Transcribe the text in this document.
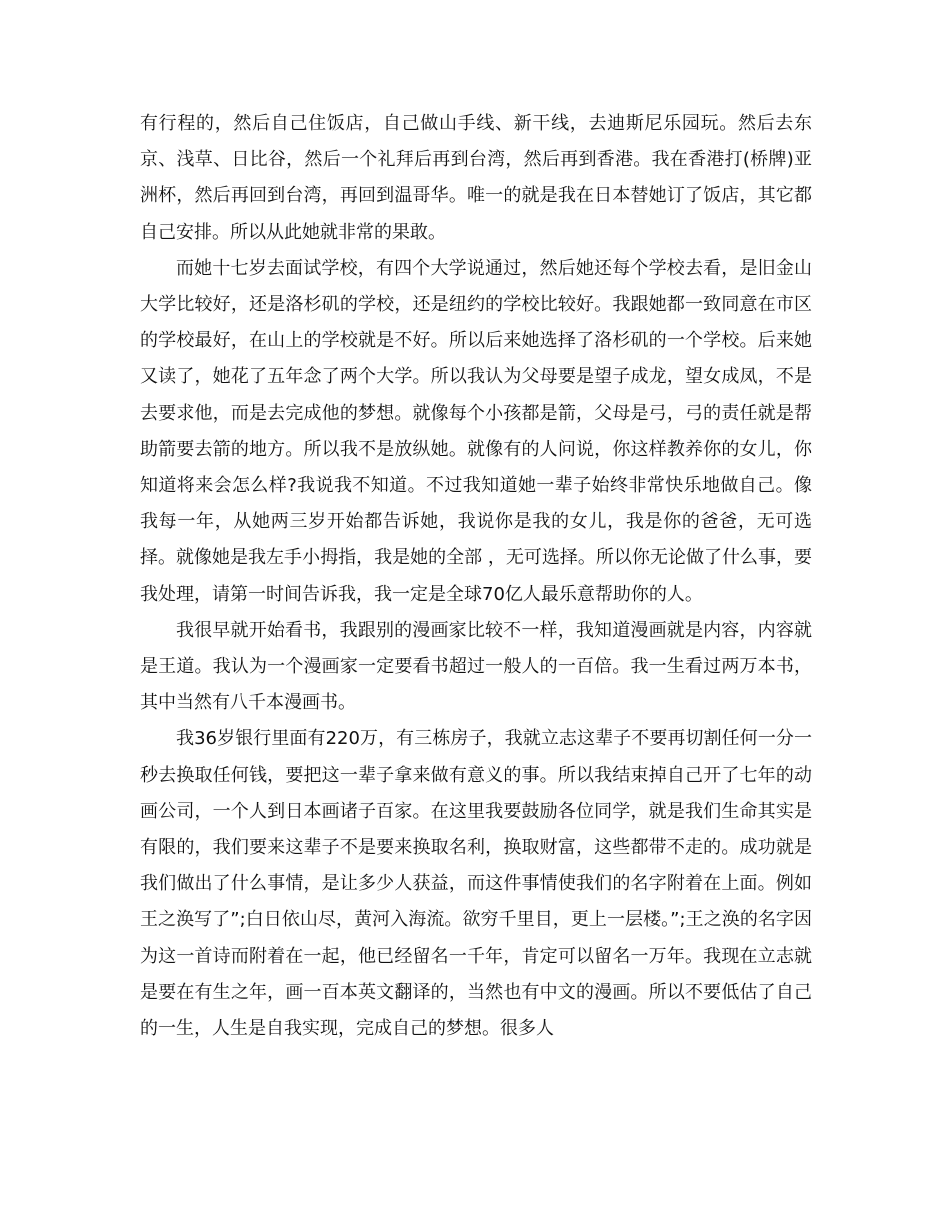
有行程的，然后自己住饭店，自己做山手线、新干线，去迪斯尼乐园玩。然后去东京、浅草、日比谷，然后一个礼拜后再到台湾，然后再到香港。我在香港打(桥牌)亚洲杯，然后再回到台湾，再回到温哥华。唯一的就是我在日本替她订了饭店，其它都自己安排。所以从此她就非常的果敢。

而她十七岁去面试学校，有四个大学说通过，然后她还每个学校去看，是旧金山大学比较好，还是洛杉矶的学校，还是纽约的学校比较好。我跟她都一致同意在市区的学校最好，在山上的学校就是不好。所以后来她选择了洛杉矶的一个学校。后来她又读了，她花了五年念了两个大学。所以我认为父母要是望子成龙，望女成凤，不是去要求他，而是去完成他的梦想。就像每个小孩都是箭，父母是弓，弓的责任就是帮助箭要去箭的地方。所以我不是放纵她。就像有的人问说，你这样教养你的女儿，你知道将来会怎么样?我说我不知道。不过我知道她一辈子始终非常快乐地做自己。像我每一年，从她两三岁开始都告诉她，我说你是我的女儿，我是你的爸爸，无可选择。就像她是我左手小拇指，我是她的全部 ，无可选择。所以你无论做了什么事，要我处理，请第一时间告诉我，我一定是全球70亿人最乐意帮助你的人。

我很早就开始看书，我跟别的漫画家比较不一样，我知道漫画就是内容，内容就是王道。我认为一个漫画家一定要看书超过一般人的一百倍。我一生看过两万本书，其中当然有八千本漫画书。

我36岁银行里面有220万，有三栋房子，我就立志这辈子不要再切割任何一分一秒去换取任何钱，要把这一辈子拿来做有意义的事。所以我结束掉自己开了七年的动画公司，一个人到日本画诸子百家。在这里我要鼓励各位同学，就是我们生命其实是有限的，我们要来这辈子不是要来换取名利，换取财富，这些都带不走的。成功就是我们做出了什么事情，是让多少人获益，而这件事情使我们的名字附着在上面。例如王之涣写了”;白日依山尽，黄河入海流。欲穷千里目，更上一层楼。”;王之涣的名字因为这一首诗而附着在一起，他已经留名一千年，肯定可以留名一万年。我现在立志就是要在有生之年，画一百本英文翻译的，当然也有中文的漫画。所以不要低估了自己的一生，人生是自我实现，完成自己的梦想。很多人
